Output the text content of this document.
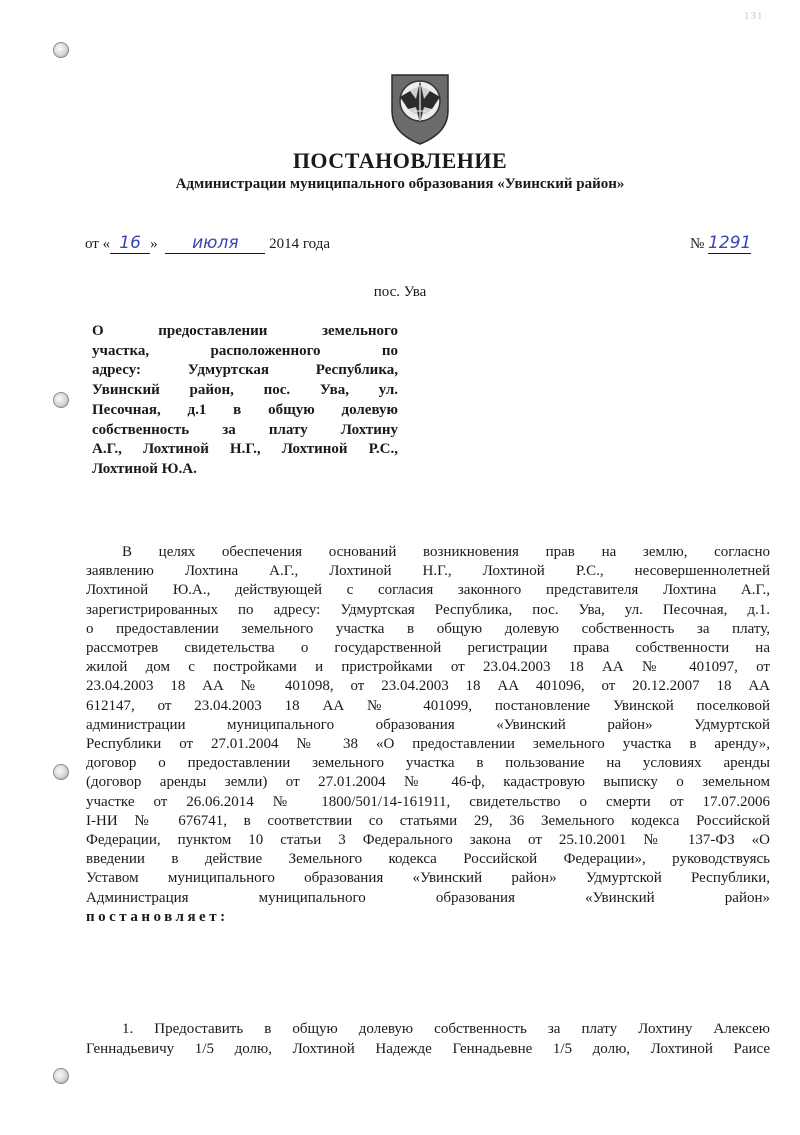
131
ПОСТАНОВЛЕНИЕ
Администрации муниципального образования «Увинский район»
от « 16 » июля 2014 года	№ 1291
пос. Ува
О предоставлении земельного
участка, расположенного по
адресу: Удмуртская Республика,
Увинский район, пос. Ува, ул.
Песочная, д.1 в общую долевую
собственность за плату Лохтину
А.Г., Лохтиной Н.Г., Лохтиной Р.С.,
Лохтиной Ю.А.
В целях обеспечения оснований возникновения прав на землю, согласно
заявлению Лохтина А.Г., Лохтиной Н.Г., Лохтиной Р.С., несовершеннолетней
Лохтиной Ю.А., действующей с согласия законного представителя Лохтина А.Г.,
зарегистрированных по адресу: Удмуртская Республика, пос. Ува, ул. Песочная, д.1.
о предоставлении земельного участка в общую долевую собственность за плату,
рассмотрев свидетельства о государственной регистрации права собственности на
жилой дом с постройками и пристройками от 23.04.2003 18 АА № 401097, от
23.04.2003 18 АА № 401098, от 23.04.2003 18 АА 401096, от 20.12.2007 18 АА
612147, от 23.04.2003 18 АА № 401099, постановление Увинской поселковой
администрации муниципального образования «Увинский район» Удмуртской
Республики от 27.01.2004 № 38 «О предоставлении земельного участка в аренду»,
договор о предоставлении земельного участка в пользование на условиях аренды
(договор аренды земли) от 27.01.2004 № 46-ф, кадастровую выписку о земельном
участке от 26.06.2014 № 1800/501/14-161911, свидетельство о смерти от 17.07.2006
I-НИ № 676741, в соответствии со статьями 29, 36 Земельного кодекса Российской
Федерации, пунктом 10 статьи 3 Федерального закона от 25.10.2001 № 137-ФЗ «О
введении в действие Земельного кодекса Российской Федерации», руководствуясь
Уставом муниципального образования «Увинский район» Удмуртской Республики,
Администрация муниципального образования «Увинский район»
постановляет:
1. Предоставить в общую долевую собственность за плату Лохтину Алексею
Геннадьевичу 1/5 долю, Лохтиной Надежде Геннадьевне 1/5 долю, Лохтиной Раисе
